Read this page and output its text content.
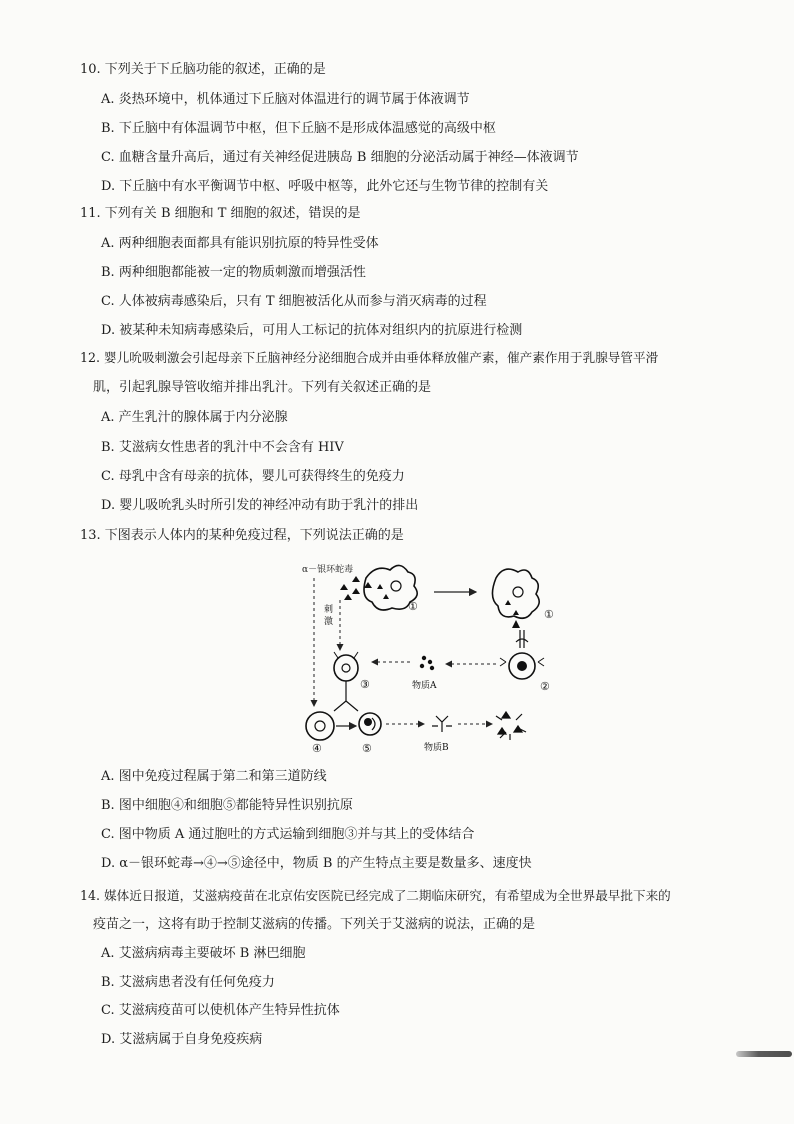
10. 下列关于下丘脑功能的叙述，正确的是
A. 炎热环境中，机体通过下丘脑对体温进行的调节属于体液调节
B. 下丘脑中有体温调节中枢，但下丘脑不是形成体温感觉的高级中枢
C. 血糖含量升高后，通过有关神经促进胰岛 B 细胞的分泌活动属于神经—体液调节
D. 下丘脑中有水平衡调节中枢、呼吸中枢等，此外它还与生物节律的控制有关
11. 下列有关 B 细胞和 T 细胞的叙述，错误的是
A. 两种细胞表面都具有能识别抗原的特异性受体
B. 两种细胞都能被一定的物质刺激而增强活性
C. 人体被病毒感染后，只有 T 细胞被活化从而参与消灭病毒的过程
D. 被某种未知病毒感染后，可用人工标记的抗体对组织内的抗原进行检测
12. 婴儿吮吸刺激会引起母亲下丘脑神经分泌细胞合成并由垂体释放催产素，催产素作用于乳腺导管平滑
肌，引起乳腺导管收缩并排出乳汁。下列有关叙述正确的是
A. 产生乳汁的腺体属于内分泌腺
B. 艾滋病女性患者的乳汁中不会含有 HIV
C. 母乳中含有母亲的抗体，婴儿可获得终生的免疫力
D. 婴儿吸吮乳头时所引发的神经冲动有助于乳汁的排出
13. 下图表示人体内的某种免疫过程，下列说法正确的是
α－银环蛇毒
①
①
②
物质A
刺
激
③
④	⑤	物质B
A. 图中免疫过程属于第二和第三道防线
B. 图中细胞④和细胞⑤都能特异性识别抗原
C. 图中物质 A 通过胞吐的方式运输到细胞③并与其上的受体结合
D. α－银环蛇毒→④→⑤途径中，物质 B 的产生特点主要是数量多、速度快
14. 媒体近日报道，艾滋病疫苗在北京佑安医院已经完成了二期临床研究，有希望成为全世界最早批下来的
疫苗之一，这将有助于控制艾滋病的传播。下列关于艾滋病的说法，正确的是
A. 艾滋病病毒主要破坏 B 淋巴细胞
B. 艾滋病患者没有任何免疫力
C. 艾滋病疫苗可以使机体产生特异性抗体
D. 艾滋病属于自身免疫疾病
